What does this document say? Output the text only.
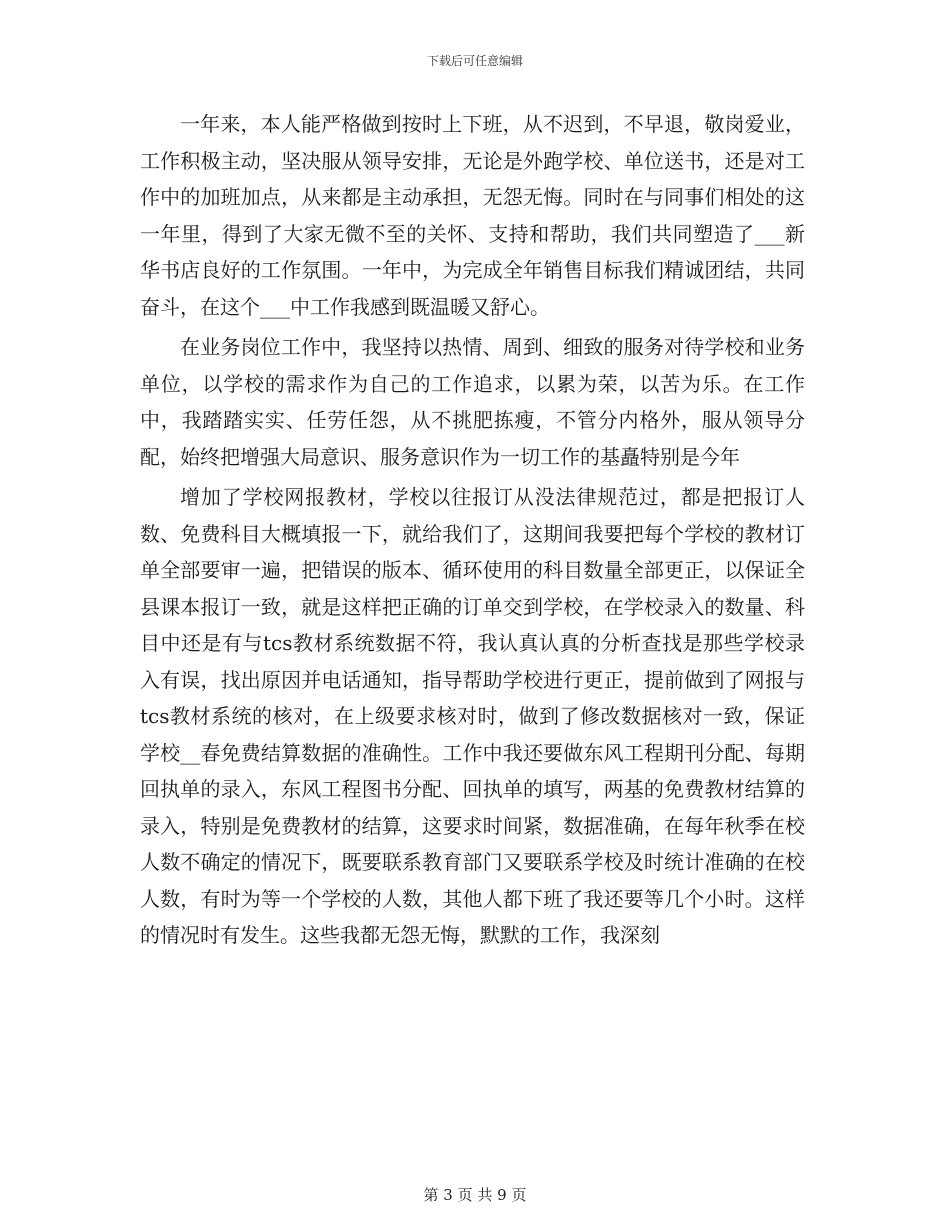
下载后可任意编辑

一年来，本人能严格做到按时上下班，从不迟到，不早退，敬岗爱业，工作积极主动，坚决服从领导安排，无论是外跑学校、单位送书，还是对工作中的加班加点，从来都是主动承担，无怨无悔。同时在与同事们相处的这一年里，得到了大家无微不至的关怀、支持和帮助，我们共同塑造了___新华书店良好的工作氛围。一年中，为完成全年销售目标我们精诚团结，共同奋斗，在这个___中工作我感到既温暖又舒心。

在业务岗位工作中，我坚持以热情、周到、细致的服务对待学校和业务单位，以学校的需求作为自己的工作追求，以累为荣，以苦为乐。在工作中，我踏踏实实、任劳任怨，从不挑肥拣瘦，不管分内格外，服从领导分配，始终把增强大局意识、服务意识作为一切工作的基矗特别是今年

增加了学校网报教材，学校以往报订从没法律规范过，都是把报订人数、免费科目大概填报一下，就给我们了，这期间我要把每个学校的教材订单全部要审一遍，把错误的版本、循环使用的科目数量全部更正，以保证全县课本报订一致，就是这样把正确的订单交到学校，在学校录入的数量、科目中还是有与tcs教材系统数据不符，我认真认真的分析查找是那些学校录入有误，找出原因并电话通知，指导帮助学校进行更正，提前做到了网报与tcs教材系统的核对，在上级要求核对时，做到了修改数据核对一致，保证学校__春免费结算数据的准确性。工作中我还要做东风工程期刊分配、每期回执单的录入，东风工程图书分配、回执单的填写，两基的免费教材结算的录入，特别是免费教材的结算，这要求时间紧，数据准确，在每年秋季在校人数不确定的情况下，既要联系教育部门又要联系学校及时统计准确的在校人数，有时为等一个学校的人数，其他人都下班了我还要等几个小时。这样的情况时有发生。这些我都无怨无悔，默默的工作，我深刻

第 3 页 共 9 页
